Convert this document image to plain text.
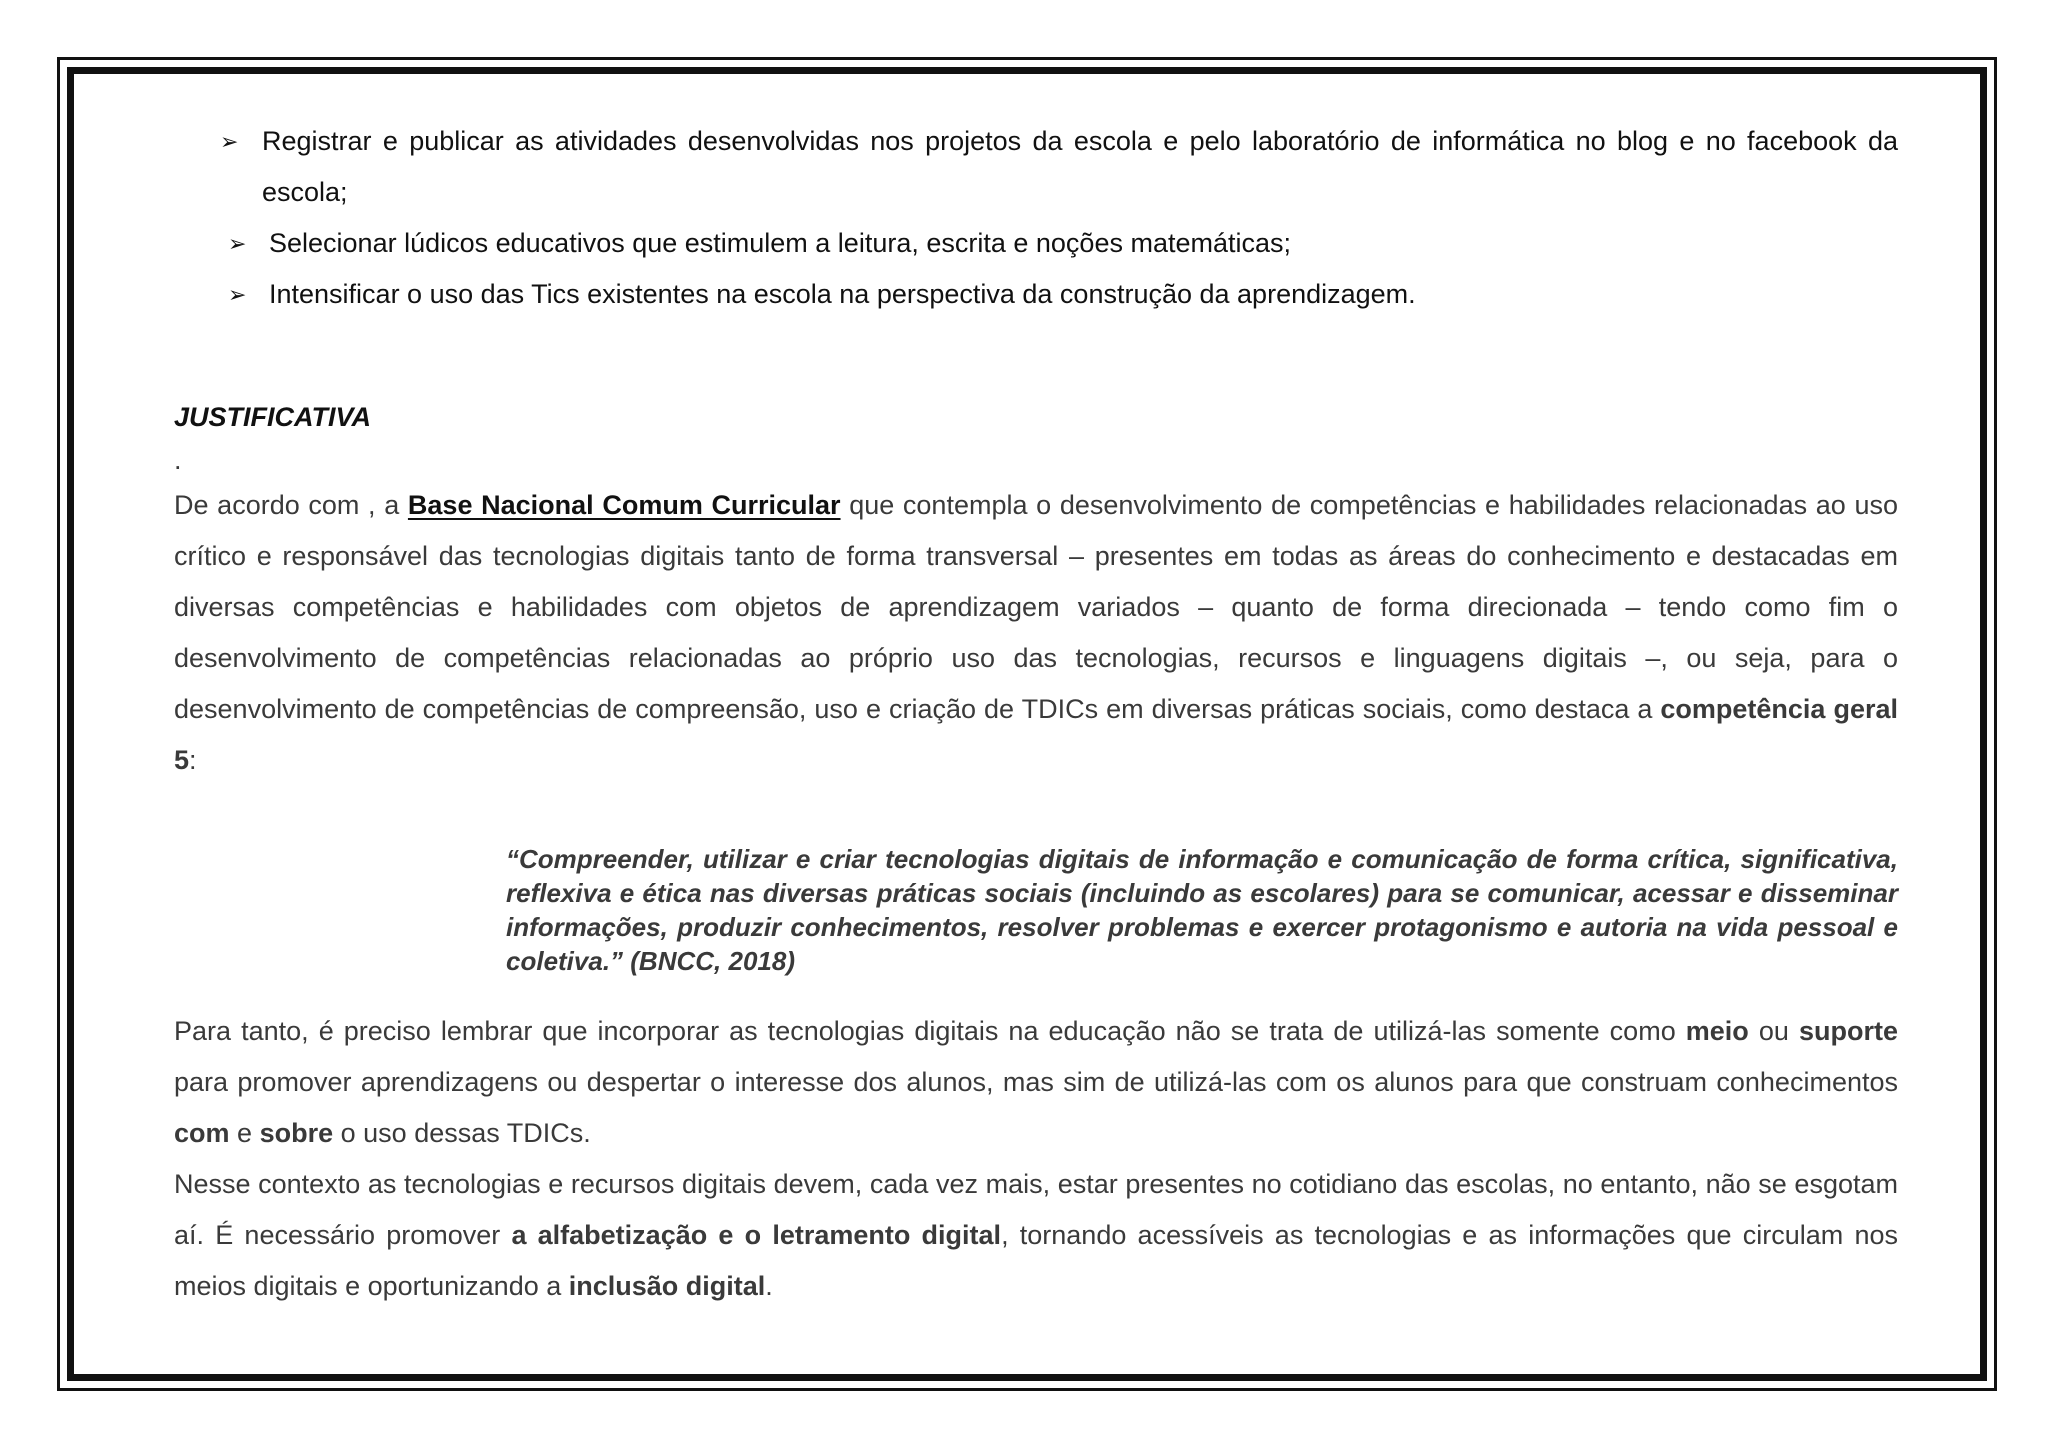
➢ Registrar e publicar as atividades desenvolvidas nos projetos da escola e pelo laboratório de informática no blog e no facebook da escola;
➢ Selecionar lúdicos educativos que estimulem a leitura, escrita e noções matemáticas;
➢ Intensificar o uso das Tics existentes na escola na perspectiva da construção da aprendizagem.
JUSTIFICATIVA
.

De acordo com , a Base Nacional Comum Curricular que contempla o desenvolvimento de competências e habilidades relacionadas ao uso crítico e responsável das tecnologias digitais tanto de forma transversal – presentes em todas as áreas do conhecimento e destacadas em diversas competências e habilidades com objetos de aprendizagem variados – quanto de forma direcionada – tendo como fim o desenvolvimento de competências relacionadas ao próprio uso das tecnologias, recursos e linguagens digitais –, ou seja, para o desenvolvimento de competências de compreensão, uso e criação de TDICs em diversas práticas sociais, como destaca a competência geral 5:

“Compreender, utilizar e criar tecnologias digitais de informação e comunicação de forma crítica, significativa, reflexiva e ética nas diversas práticas sociais (incluindo as escolares) para se comunicar, acessar e disseminar informações, produzir conhecimentos, resolver problemas e exercer protagonismo e autoria na vida pessoal e coletiva.” (BNCC, 2018)

Para tanto, é preciso lembrar que incorporar as tecnologias digitais na educação não se trata de utilizá-las somente como meio ou suporte para promover aprendizagens ou despertar o interesse dos alunos, mas sim de utilizá-las com os alunos para que construam conhecimentos com e sobre o uso dessas TDICs.

Nesse contexto as tecnologias e recursos digitais devem, cada vez mais, estar presentes no cotidiano das escolas, no entanto, não se esgotam aí. É necessário promover a alfabetização e o letramento digital, tornando acessíveis as tecnologias e as informações que circulam nos meios digitais e oportunizando a inclusão digital.
